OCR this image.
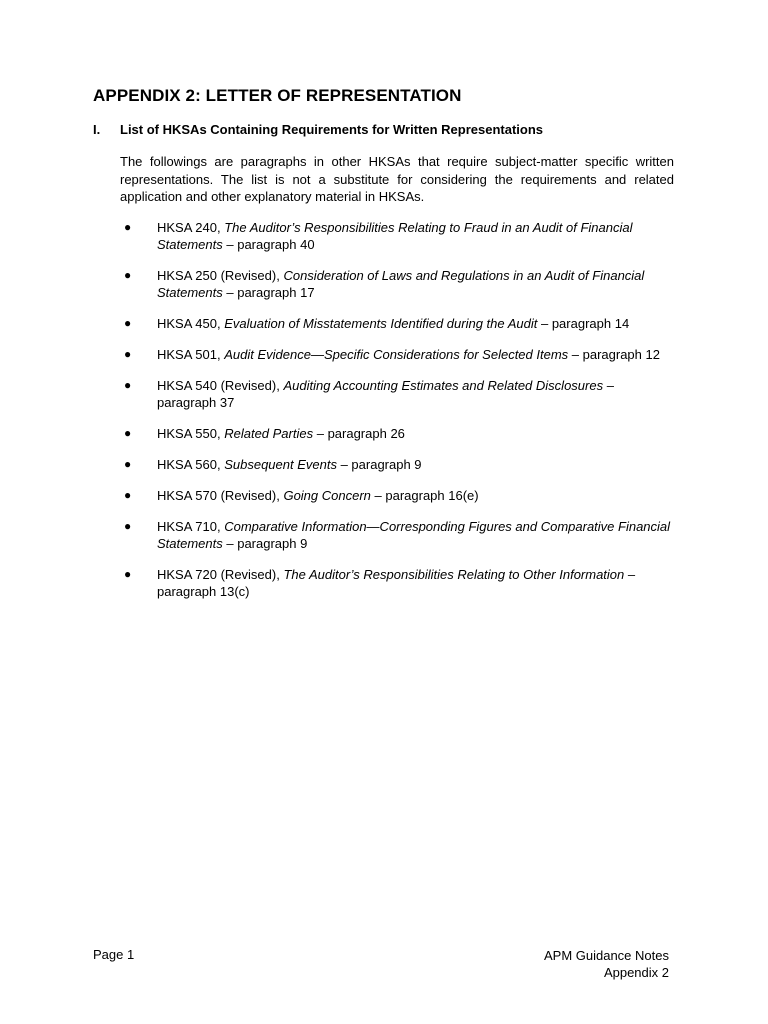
APPENDIX 2: LETTER OF REPRESENTATION
I. List of HKSAs Containing Requirements for Written Representations

The followings are paragraphs in other HKSAs that require subject-matter specific written representations. The list is not a substitute for considering the requirements and related application and other explanatory material in HKSAs.

● HKSA 240, The Auditor’s Responsibilities Relating to Fraud in an Audit of Financial Statements – paragraph 40
● HKSA 250 (Revised), Consideration of Laws and Regulations in an Audit of Financial Statements – paragraph 17
● HKSA 450, Evaluation of Misstatements Identified during the Audit – paragraph 14
● HKSA 501, Audit Evidence—Specific Considerations for Selected Items – paragraph 12
● HKSA 540 (Revised), Auditing Accounting Estimates and Related Disclosures – paragraph 37
● HKSA 550, Related Parties – paragraph 26
● HKSA 560, Subsequent Events – paragraph 9
● HKSA 570 (Revised), Going Concern – paragraph 16(e)
● HKSA 710, Comparative Information—Corresponding Figures and Comparative Financial Statements – paragraph 9
● HKSA 720 (Revised), The Auditor’s Responsibilities Relating to Other Information – paragraph 13(c)
Page 1	APM Guidance Notes
Appendix 2
